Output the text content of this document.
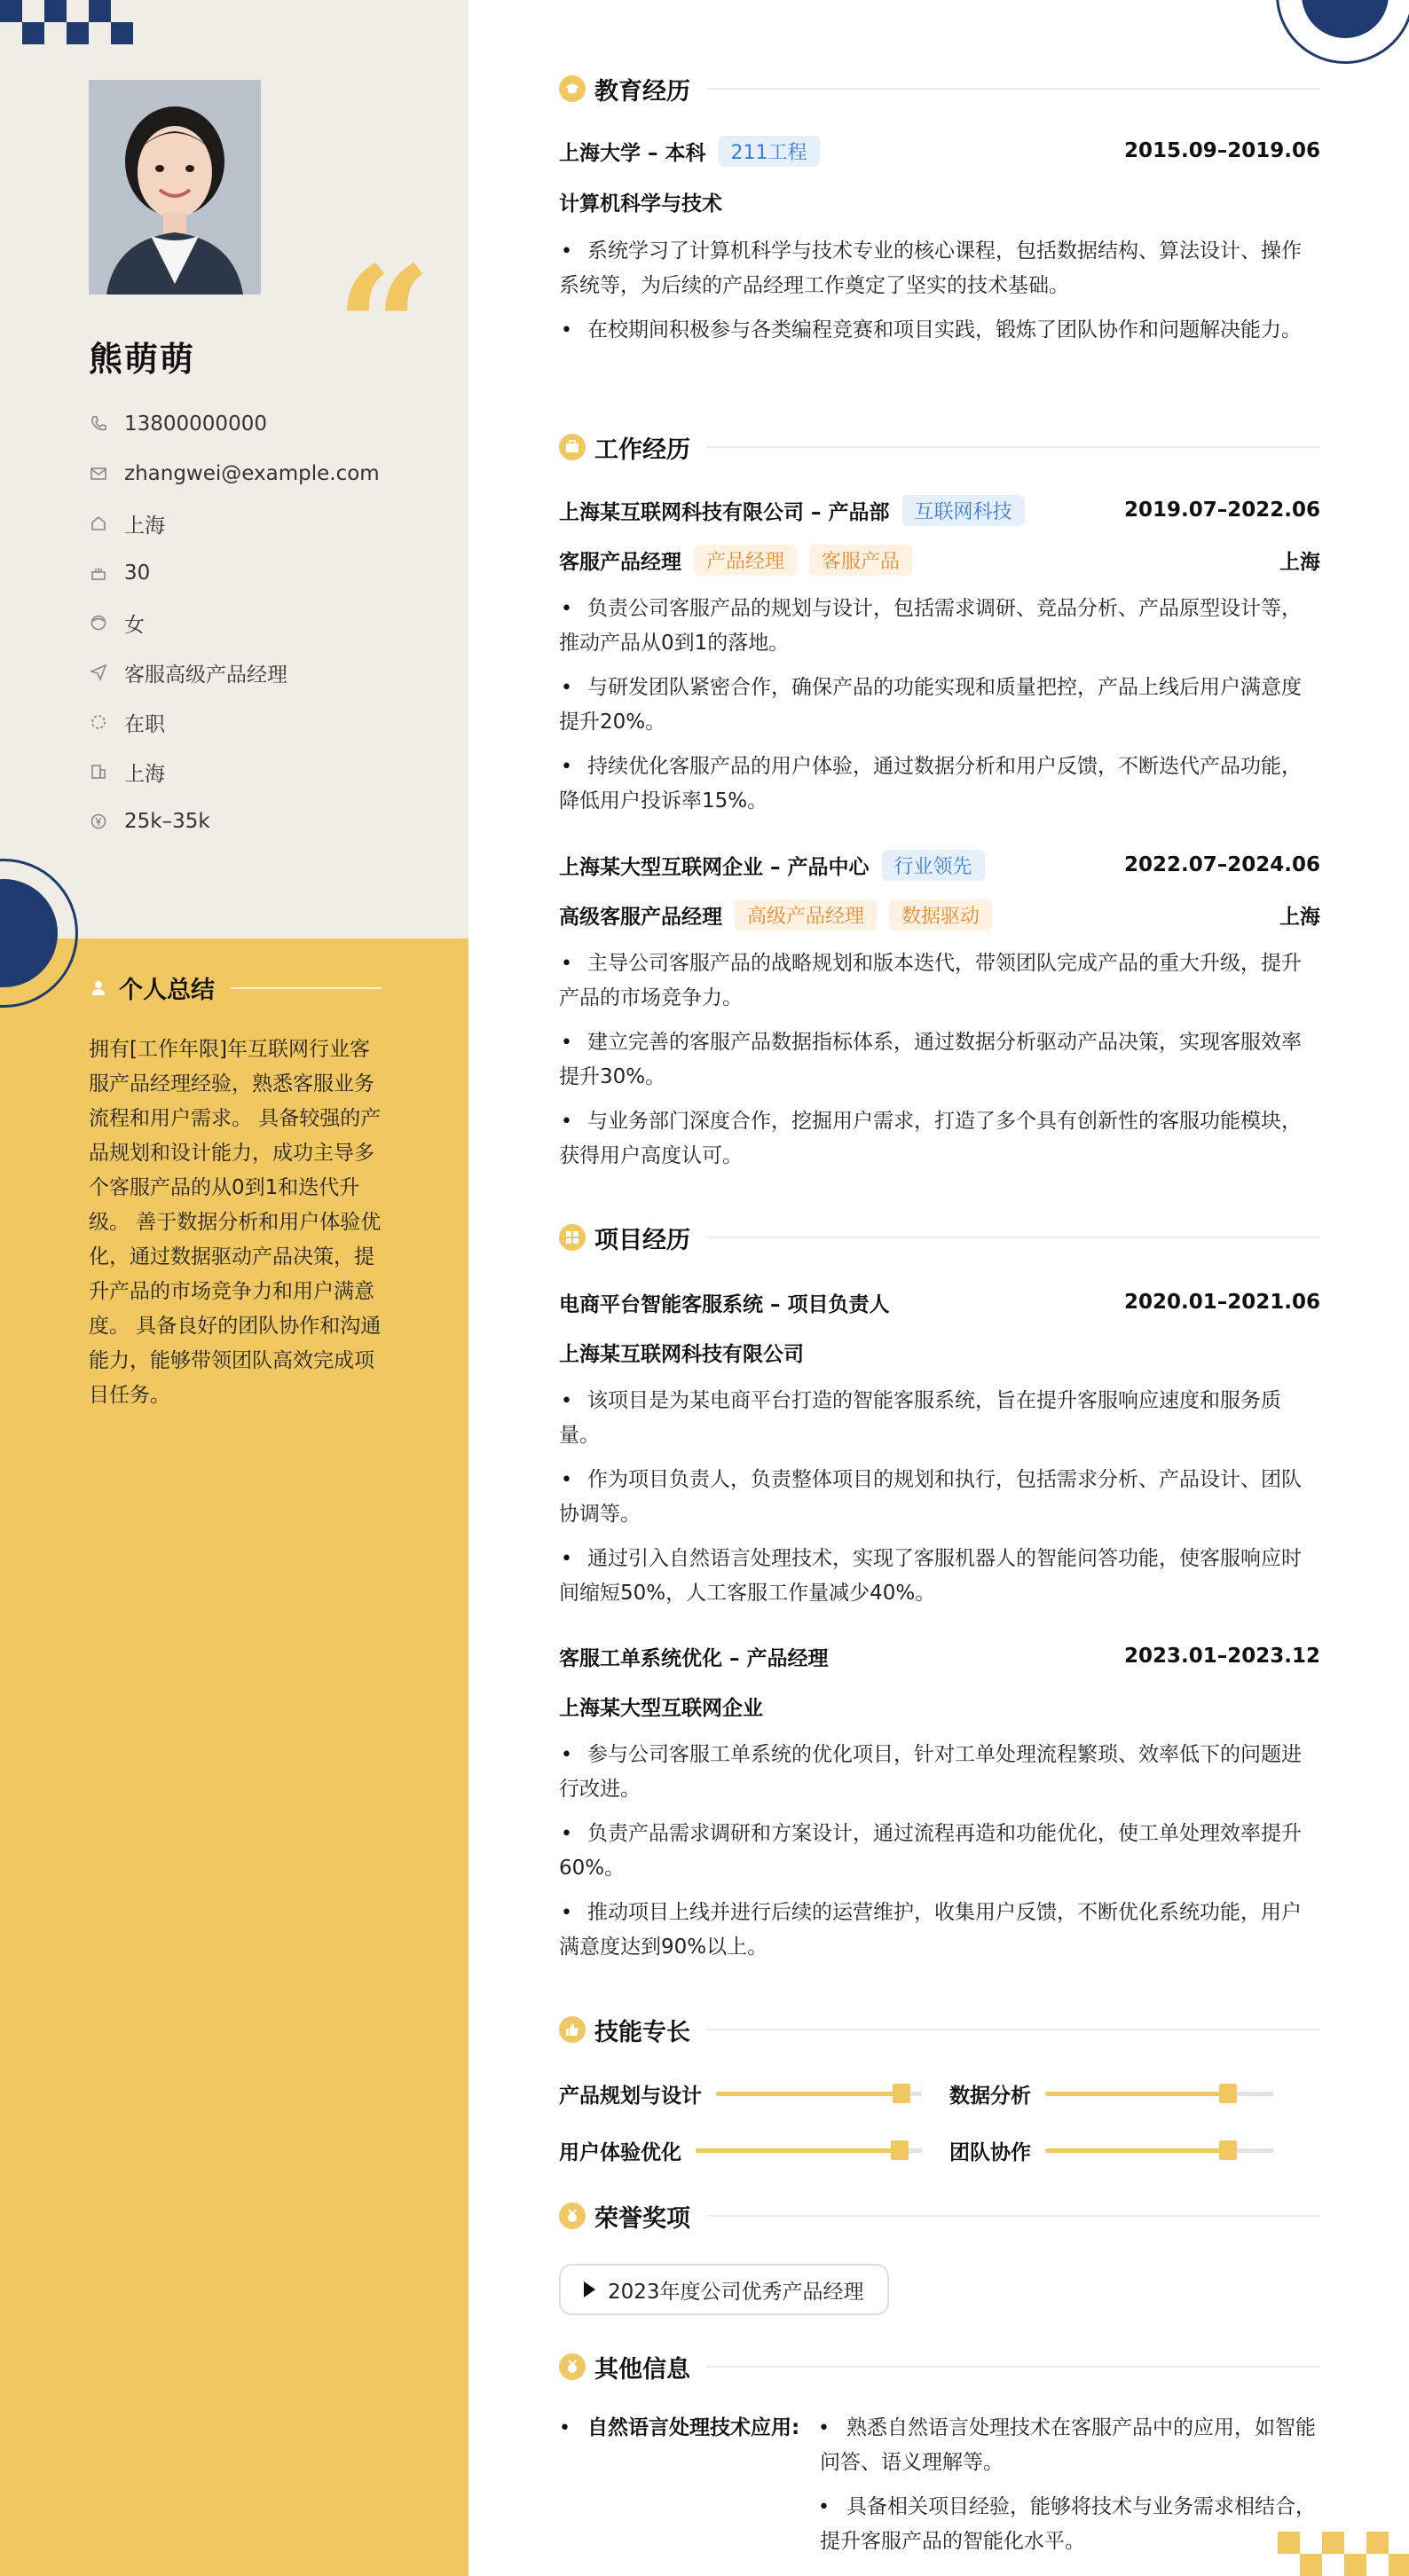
“
熊萌萌
13800000000
zhangwei@example.com
上海
30
女
客服高级产品经理
在职
上海
25k–35k
个人总结
拥有[工作年限]年互联网行业客服产品经理经验，熟悉客服业务流程和用户需求。 具备较强的产品规划和设计能力，成功主导多个客服产品的从0到1和迭代升级。 善于数据分析和用户体验优化，通过数据驱动产品决策，提升产品的市场竞争力和用户满意度。 具备良好的团队协作和沟通能力，能够带领团队高效完成项目任务。
教育经历
上海大学 – 本科	211工程	2015.09–2019.06
计算机科学与技术
• 系统学习了计算机科学与技术专业的核心课程，包括数据结构、算法设计、操作系统等，为后续的产品经理工作奠定了坚实的技术基础。
• 在校期间积极参与各类编程竞赛和项目实践，锻炼了团队协作和问题解决能力。
工作经历
上海某互联网科技有限公司 – 产品部	互联网科技	2019.07–2022.06
客服产品经理	产品经理	客服产品	上海
• 负责公司客服产品的规划与设计，包括需求调研、竞品分析、产品原型设计等，推动产品从0到1的落地。
• 与研发团队紧密合作，确保产品的功能实现和质量把控，产品上线后用户满意度提升20%。
• 持续优化客服产品的用户体验，通过数据分析和用户反馈，不断迭代产品功能，降低用户投诉率15%。
上海某大型互联网企业 – 产品中心	行业领先	2022.07–2024.06
高级客服产品经理	高级产品经理	数据驱动	上海
• 主导公司客服产品的战略规划和版本迭代，带领团队完成产品的重大升级，提升产品的市场竞争力。
• 建立完善的客服产品数据指标体系，通过数据分析驱动产品决策，实现客服效率提升30%。
• 与业务部门深度合作，挖掘用户需求，打造了多个具有创新性的客服功能模块，获得用户高度认可。
项目经历
电商平台智能客服系统 – 项目负责人	2020.01–2021.06
上海某互联网科技有限公司
• 该项目是为某电商平台打造的智能客服系统，旨在提升客服响应速度和服务质量。
• 作为项目负责人，负责整体项目的规划和执行，包括需求分析、产品设计、团队协调等。
• 通过引入自然语言处理技术，实现了客服机器人的智能问答功能，使客服响应时间缩短50%，人工客服工作量减少40%。
客服工单系统优化 – 产品经理	2023.01–2023.12
上海某大型互联网企业
• 参与公司客服工单系统的优化项目，针对工单处理流程繁琐、效率低下的问题进行改进。
• 负责产品需求调研和方案设计，通过流程再造和功能优化，使工单处理效率提升60%。
• 推动项目上线并进行后续的运营维护，收集用户反馈，不断优化系统功能，用户满意度达到90%以上。
技能专长
产品规划与设计	数据分析
用户体验优化	团队协作
荣誉奖项
2023年度公司优秀产品经理
其他信息
• 自然语言处理技术应用:
•	熟悉自然语言处理技术在客服产品中的应用，如智能问答、语义理解等。
• 具备相关项目经验，能够将技术与业务需求相结合，提升客服产品的智能化水平。
